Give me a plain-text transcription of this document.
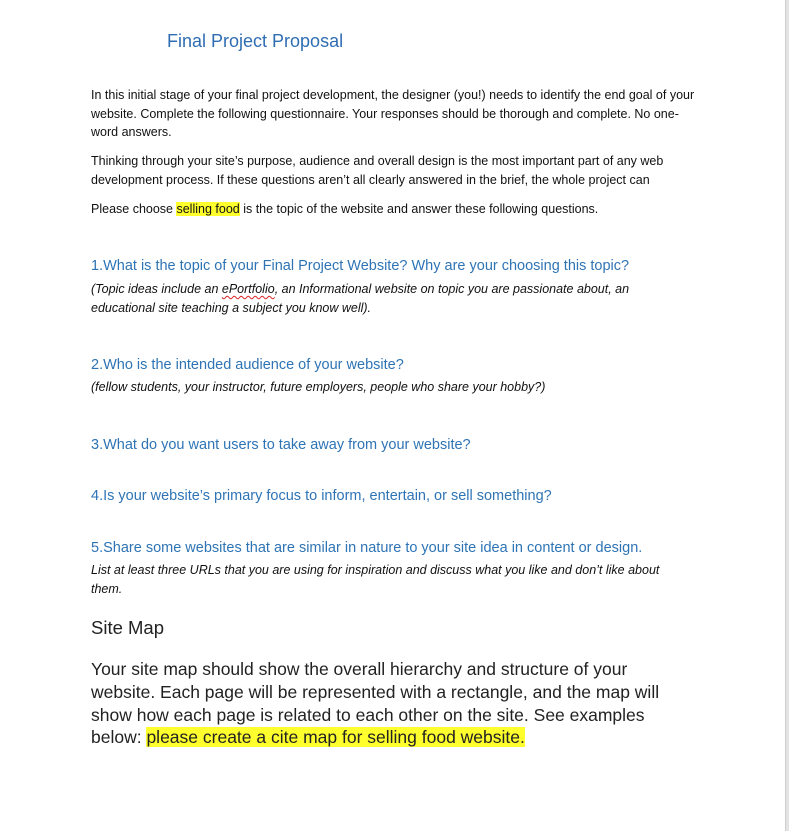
Final Project Proposal
In this initial stage of your final project development, the designer (you!) needs to identify the end goal of your website. Complete the following questionnaire. Your responses should be thorough and complete. No one-word answers.
Thinking through your site’s purpose, audience and overall design is the most important part of any web development process. If these questions aren’t all clearly answered in the brief, the whole project can
Please choose selling food is the topic of the website and answer these following questions.
1.What is the topic of your Final Project Website? Why are your choosing this topic?
(Topic ideas include an ePortfolio, an Informational website on topic you are passionate about, an educational site teaching a subject you know well).
2.Who is the intended audience of your website?
(fellow students, your instructor, future employers, people who share your hobby?)
3.What do you want users to take away from your website?
4.Is your website’s primary focus to inform, entertain, or sell something?
5.Share some websites that are similar in nature to your site idea in content or design.
List at least three URLs that you are using for inspiration and discuss what you like and don’t like about them.
Site Map
Your site map should show the overall hierarchy and structure of your website. Each page will be represented with a rectangle, and the map will show how each page is related to each other on the site. See examples below: please create a cite map for selling food website.
